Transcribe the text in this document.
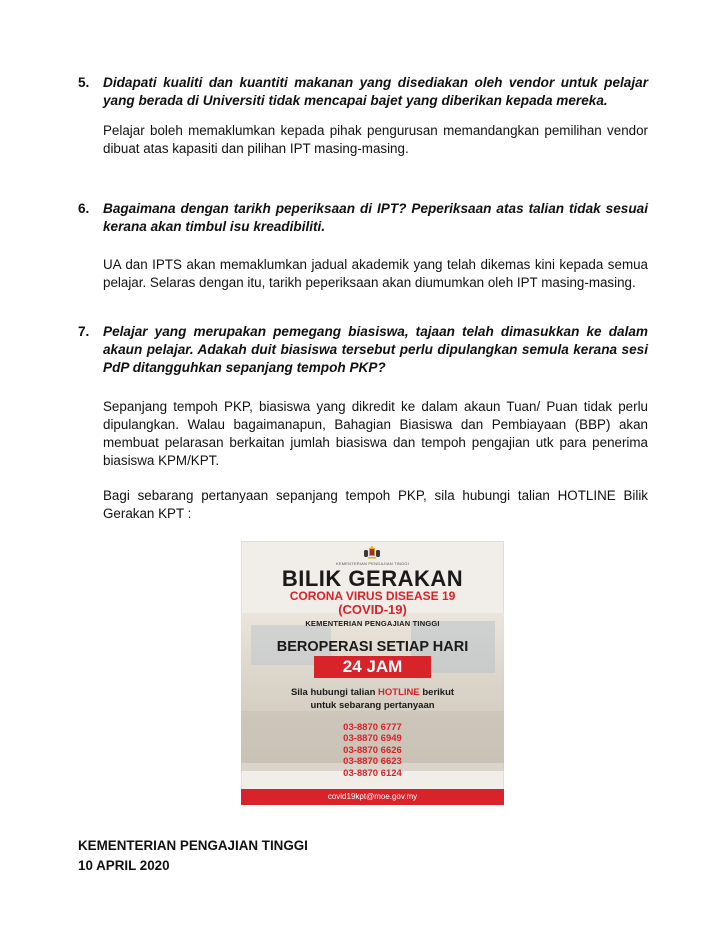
5.	Didapati kualiti dan kuantiti makanan yang disediakan oleh vendor untuk pelajar yang berada di Universiti tidak mencapai bajet yang diberikan kepada mereka.

Pelajar boleh memaklumkan kepada pihak pengurusan memandangkan pemilihan vendor dibuat atas kapasiti dan pilihan IPT masing-masing.

6.	Bagaimana dengan tarikh peperiksaan di IPT? Peperiksaan atas talian tidak sesuai kerana akan timbul isu kreadibiliti.

UA dan IPTS akan memaklumkan jadual akademik yang telah dikemas kini kepada semua pelajar. Selaras dengan itu, tarikh peperiksaan akan diumumkan oleh IPT masing-masing.

7.	Pelajar yang merupakan pemegang biasiswa, tajaan telah dimasukkan ke dalam akaun pelajar. Adakah duit biasiswa tersebut perlu dipulangkan semula kerana sesi PdP ditangguhkan sepanjang tempoh PKP?

Sepanjang tempoh PKP, biasiswa yang dikredit ke dalam akaun Tuan/ Puan tidak perlu dipulangkan. Walau bagaimanapun, Bahagian Biasiswa dan Pembiayaan (BBP) akan membuat pelarasan berkaitan jumlah biasiswa dan tempoh pengajian utk para penerima biasiswa KPM/KPT.

Bagi sebarang pertanyaan sepanjang tempoh PKP, sila hubungi talian HOTLINE Bilik Gerakan KPT :

KEMENTERIAN PENGAJIAN TINGGI
BILIK GERAKAN
CORONA VIRUS DISEASE 19
(COVID-19)
KEMENTERIAN PENGAJIAN TINGGI
BEROPERASI SETIAP HARI
24 JAM
Sila hubungi talian HOTLINE berikut
untuk sebarang pertanyaan
03-8870 6777
03-8870 6949
03-8870 6626
03-8870 6623
03-8870 6124
covid19kpt@moe.gov.my
KEMENTERIAN PENGAJIAN TINGGI
10 APRIL 2020
